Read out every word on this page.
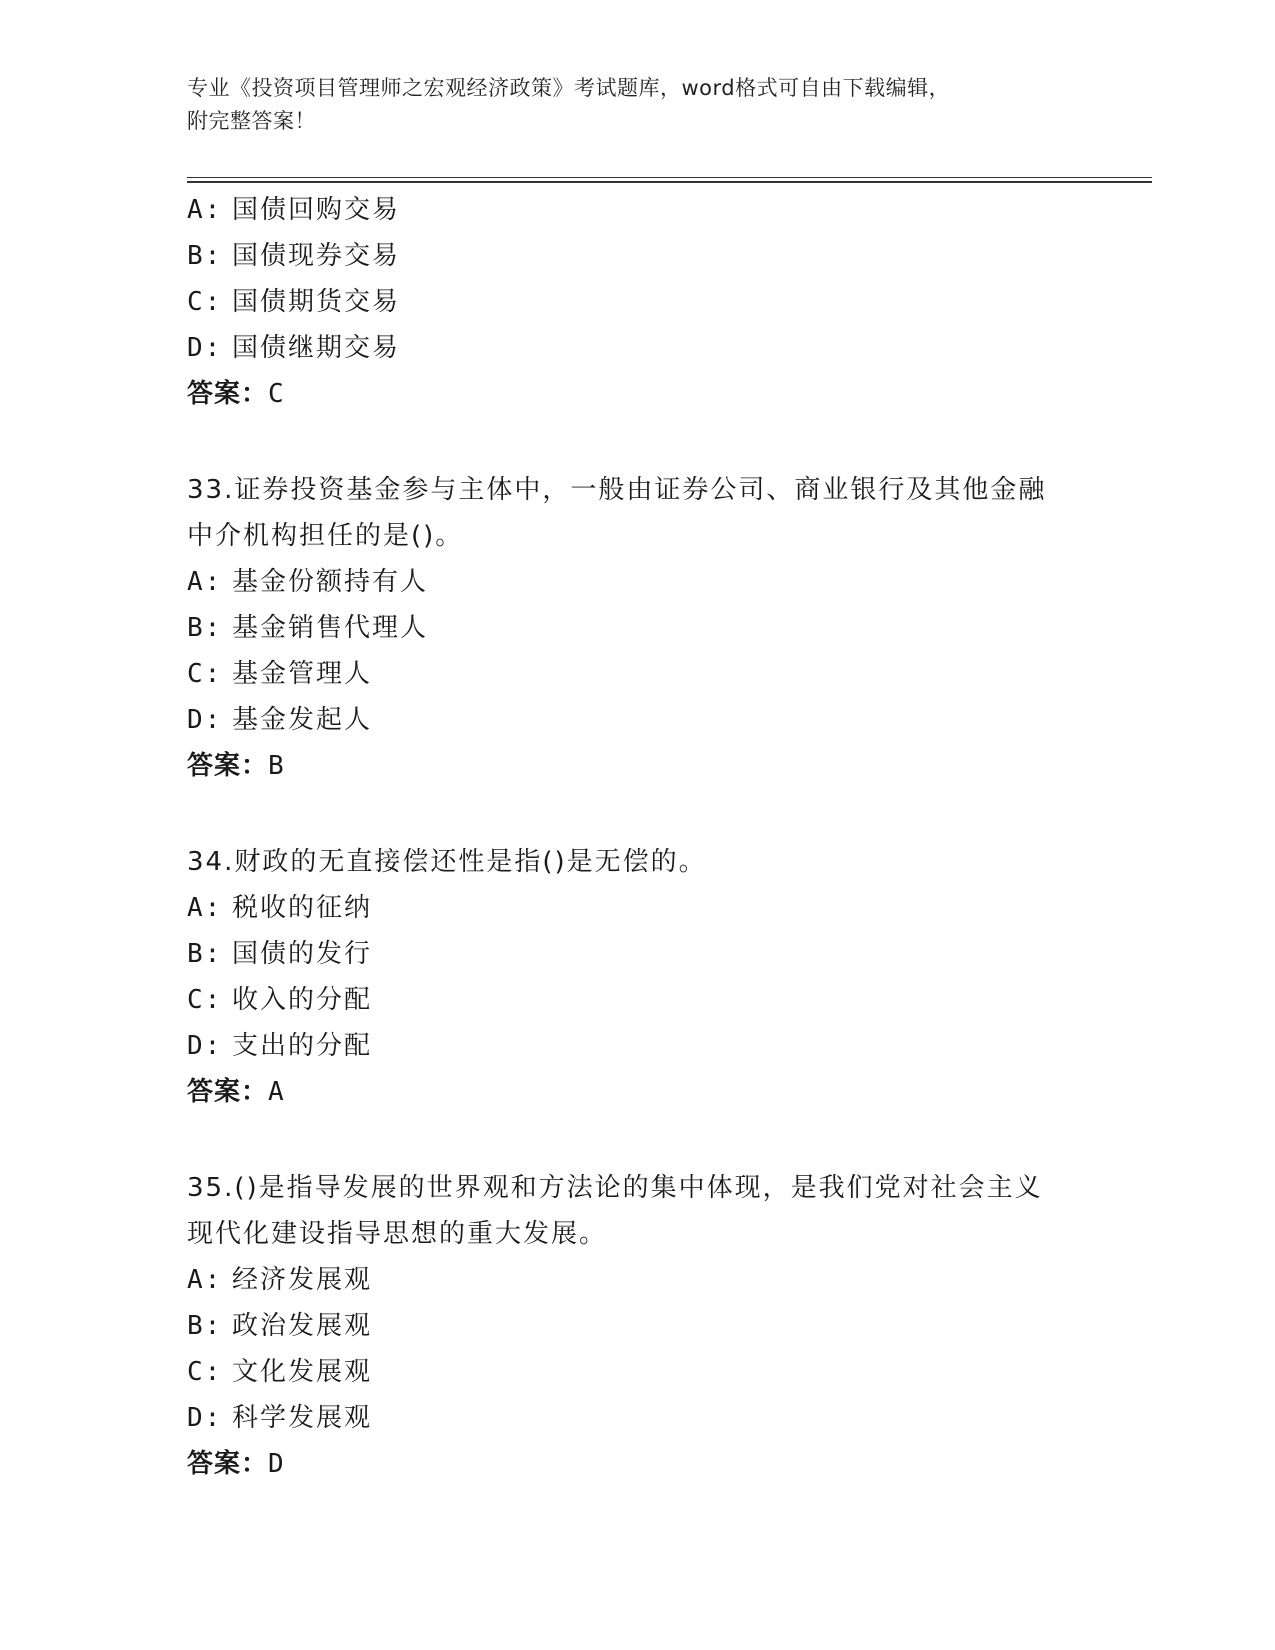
专业《投资项目管理师之宏观经济政策》考试题库，word格式可自由下载编辑，
附完整答案！
A: 国债回购交易
B: 国债现券交易
C: 国债期货交易
D: 国债继期交易
答案：C
33.证券投资基金参与主体中，一般由证券公司、商业银行及其他金融
中介机构担任的是()。
A: 基金份额持有人
B: 基金销售代理人
C: 基金管理人
D: 基金发起人
答案：B
34.财政的无直接偿还性是指()是无偿的。
A: 税收的征纳
B: 国债的发行
C: 收入的分配
D: 支出的分配
答案：A
35.()是指导发展的世界观和方法论的集中体现，是我们党对社会主义
现代化建设指导思想的重大发展。
A: 经济发展观
B: 政治发展观
C: 文化发展观
D: 科学发展观
答案：D
